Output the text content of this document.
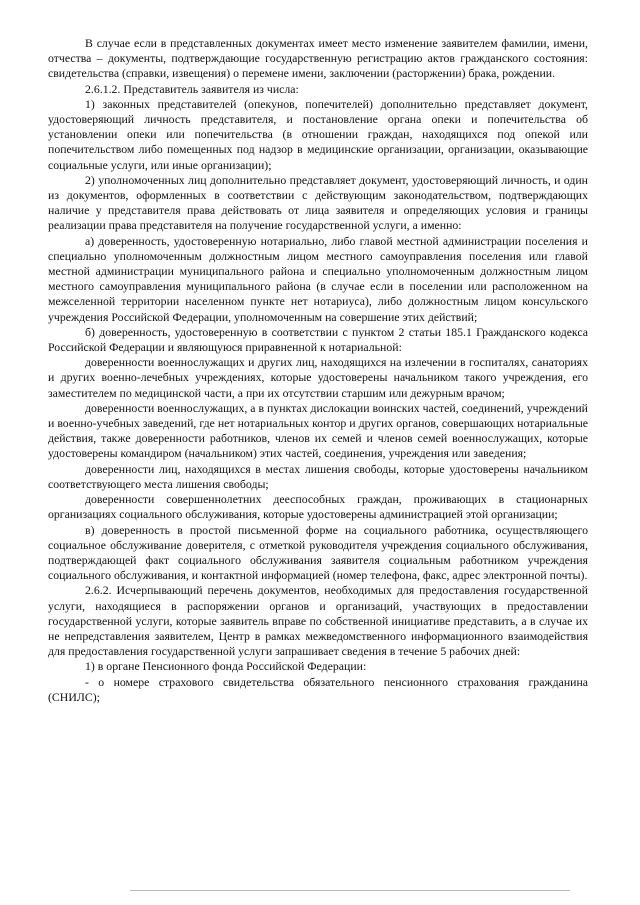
В случае если в представленных документах имеет место изменение заявителем фамилии, имени, отчества – документы, подтверждающие государственную регистрацию актов гражданского состояния: свидетельства (справки, извещения) о перемене имени, заключении (расторжении) брака, рождении.

2.6.1.2. Представитель заявителя из числа:

1) законных представителей (опекунов, попечителей) дополнительно представляет документ, удостоверяющий личность представителя, и постановление органа опеки и попечительства об установлении опеки или попечительства (в отношении граждан, находящихся под опекой или попечительством либо помещенных под надзор в медицинские организации, организации, оказывающие социальные услуги, или иные организации);

2) уполномоченных лиц дополнительно представляет документ, удостоверяющий личность, и один из документов, оформленных в соответствии с действующим законодательством, подтверждающих наличие у представителя права действовать от лица заявителя и определяющих условия и границы реализации права представителя на получение государственной услуги, а именно:

а) доверенность, удостоверенную нотариально, либо главой местной администрации поселения и специально уполномоченным должностным лицом местного самоуправления поселения или главой местной администрации муниципального района и специально уполномоченным должностным лицом местного самоуправления муниципального района (в случае если в поселении или расположенном на межселенной территории населенном пункте нет нотариуса), либо должностным лицом консульского учреждения Российской Федерации, уполномоченным на совершение этих действий;

б) доверенность, удостоверенную в соответствии с пунктом 2 статьи 185.1 Гражданского кодекса Российской Федерации и являющуюся приравненной к нотариальной:

доверенности военнослужащих и других лиц, находящихся на излечении в госпиталях, санаториях и других военно-лечебных учреждениях, которые удостоверены начальником такого учреждения, его заместителем по медицинской части, а при их отсутствии старшим или дежурным врачом;

доверенности военнослужащих, а в пунктах дислокации воинских частей, соединений, учреждений и военно-учебных заведений, где нет нотариальных контор и других органов, совершающих нотариальные действия, также доверенности работников, членов их семей и членов семей военнослужащих, которые удостоверены командиром (начальником) этих частей, соединения, учреждения или заведения;

доверенности лиц, находящихся в местах лишения свободы, которые удостоверены начальником соответствующего места лишения свободы;

доверенности совершеннолетних дееспособных граждан, проживающих в стационарных организациях социального обслуживания, которые удостоверены администрацией этой организации;

в) доверенность в простой письменной форме на социального работника, осуществляющего социальное обслуживание доверителя, с отметкой руководителя учреждения социального обслуживания, подтверждающей факт социального обслуживания заявителя социальным работником учреждения социального обслуживания, и контактной информацией (номер телефона, факс, адрес электронной почты).

2.6.2. Исчерпывающий перечень документов, необходимых для предоставления государственной услуги, находящиеся в распоряжении органов и организаций, участвующих в предоставлении государственной услуги, которые заявитель вправе по собственной инициативе представить, а в случае их не непредставления заявителем, Центр в рамках межведомственного информационного взаимодействия для предоставления государственной услуги запрашивает сведения в течение 5 рабочих дней:

1) в органе Пенсионного фонда Российской Федерации:

- о номере страхового свидетельства обязательного пенсионного страхования гражданина (СНИЛС);
